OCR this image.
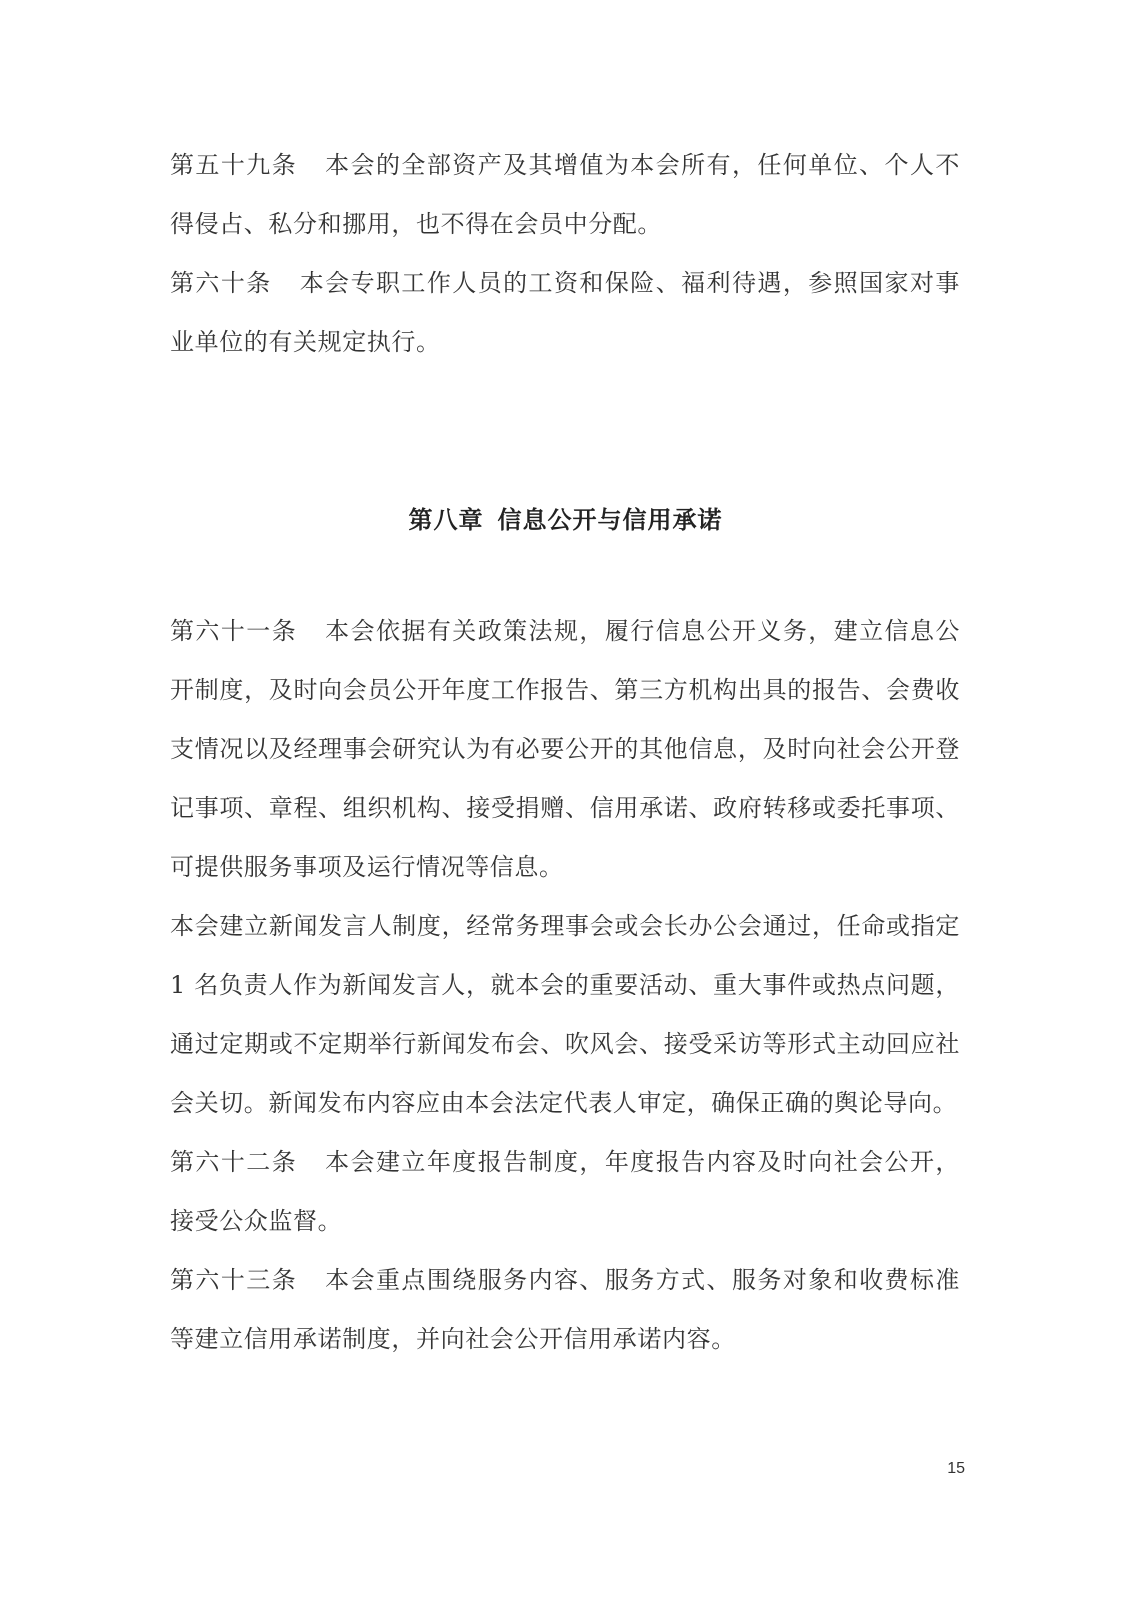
第五十九条 本会的全部资产及其增值为本会所有，任何单位、个人不得侵占、私分和挪用，也不得在会员中分配。

第六十条 本会专职工作人员的工资和保险、福利待遇，参照国家对事业单位的有关规定执行。

第八章 信息公开与信用承诺

第六十一条 本会依据有关政策法规，履行信息公开义务，建立信息公开制度，及时向会员公开年度工作报告、第三方机构出具的报告、会费收支情况以及经理事会研究认为有必要公开的其他信息，及时向社会公开登记事项、章程、组织机构、接受捐赠、信用承诺、政府转移或委托事项、可提供服务事项及运行情况等信息。

本会建立新闻发言人制度，经常务理事会或会长办公会通过，任命或指定 1 名负责人作为新闻发言人，就本会的重要活动、重大事件或热点问题，通过定期或不定期举行新闻发布会、吹风会、接受采访等形式主动回应社会关切。新闻发布内容应由本会法定代表人审定，确保正确的舆论导向。

第六十二条 本会建立年度报告制度，年度报告内容及时向社会公开，接受公众监督。

第六十三条 本会重点围绕服务内容、服务方式、服务对象和收费标准等建立信用承诺制度，并向社会公开信用承诺内容。

15
